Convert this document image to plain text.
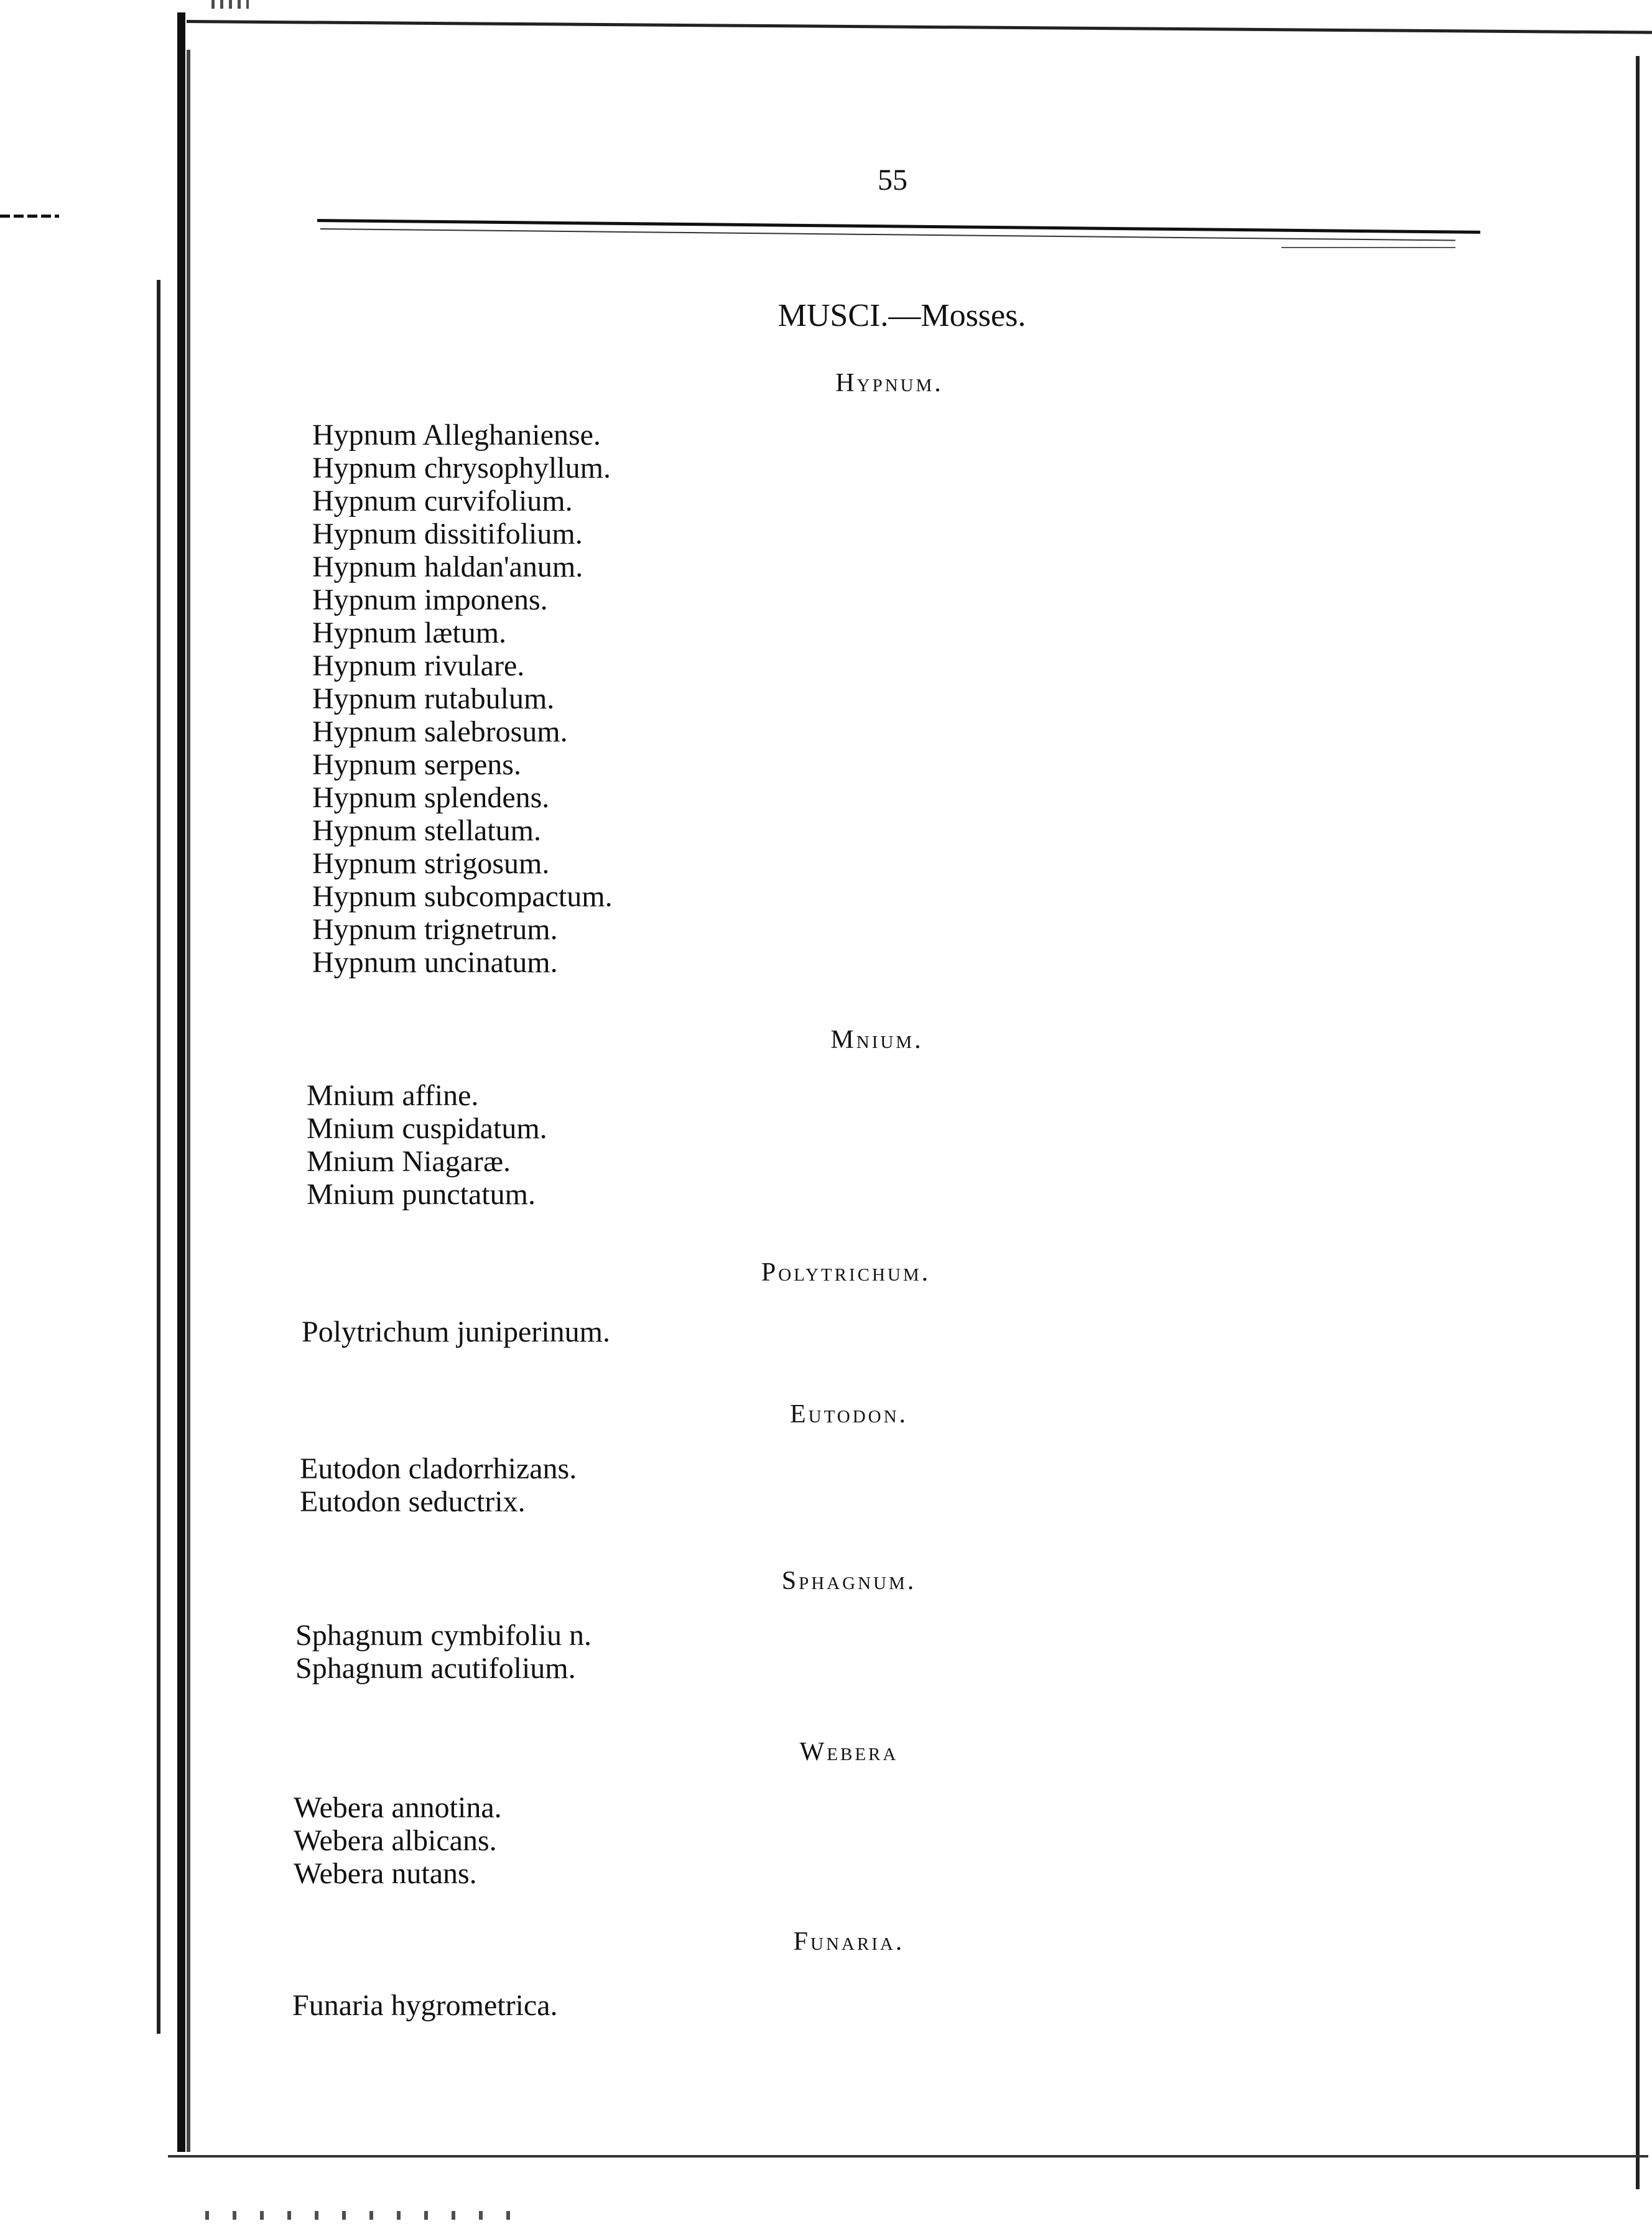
55
MUSCI.—Mosses.
Hypnum.
Hypnum Alleghaniense.
Hypnum chrysophyllum.
Hypnum curvifolium.
Hypnum dissitifolium.
Hypnum haldan'anum.
Hypnum imponens.
Hypnum lætum.
Hypnum rivulare.
Hypnum rutabulum.
Hypnum salebrosum.
Hypnum serpens.
Hypnum splendens.
Hypnum stellatum.
Hypnum strigosum.
Hypnum subcompactum.
Hypnum trignetrum.
Hypnum uncinatum.
Mnium.
Mnium affine.
Mnium cuspidatum.
Mnium Niagaræ.
Mnium punctatum.
Polytrichum.
Polytrichum juniperinum.
Eutodon.
Eutodon cladorrhizans.
Eutodon seductrix.
Sphagnum.
Sphagnum cymbifoliu n.
Sphagnum acutifolium.
Webera
Webera annotina.
Webera albicans.
Webera nutans.
Funaria.
Funaria hygrometrica.
